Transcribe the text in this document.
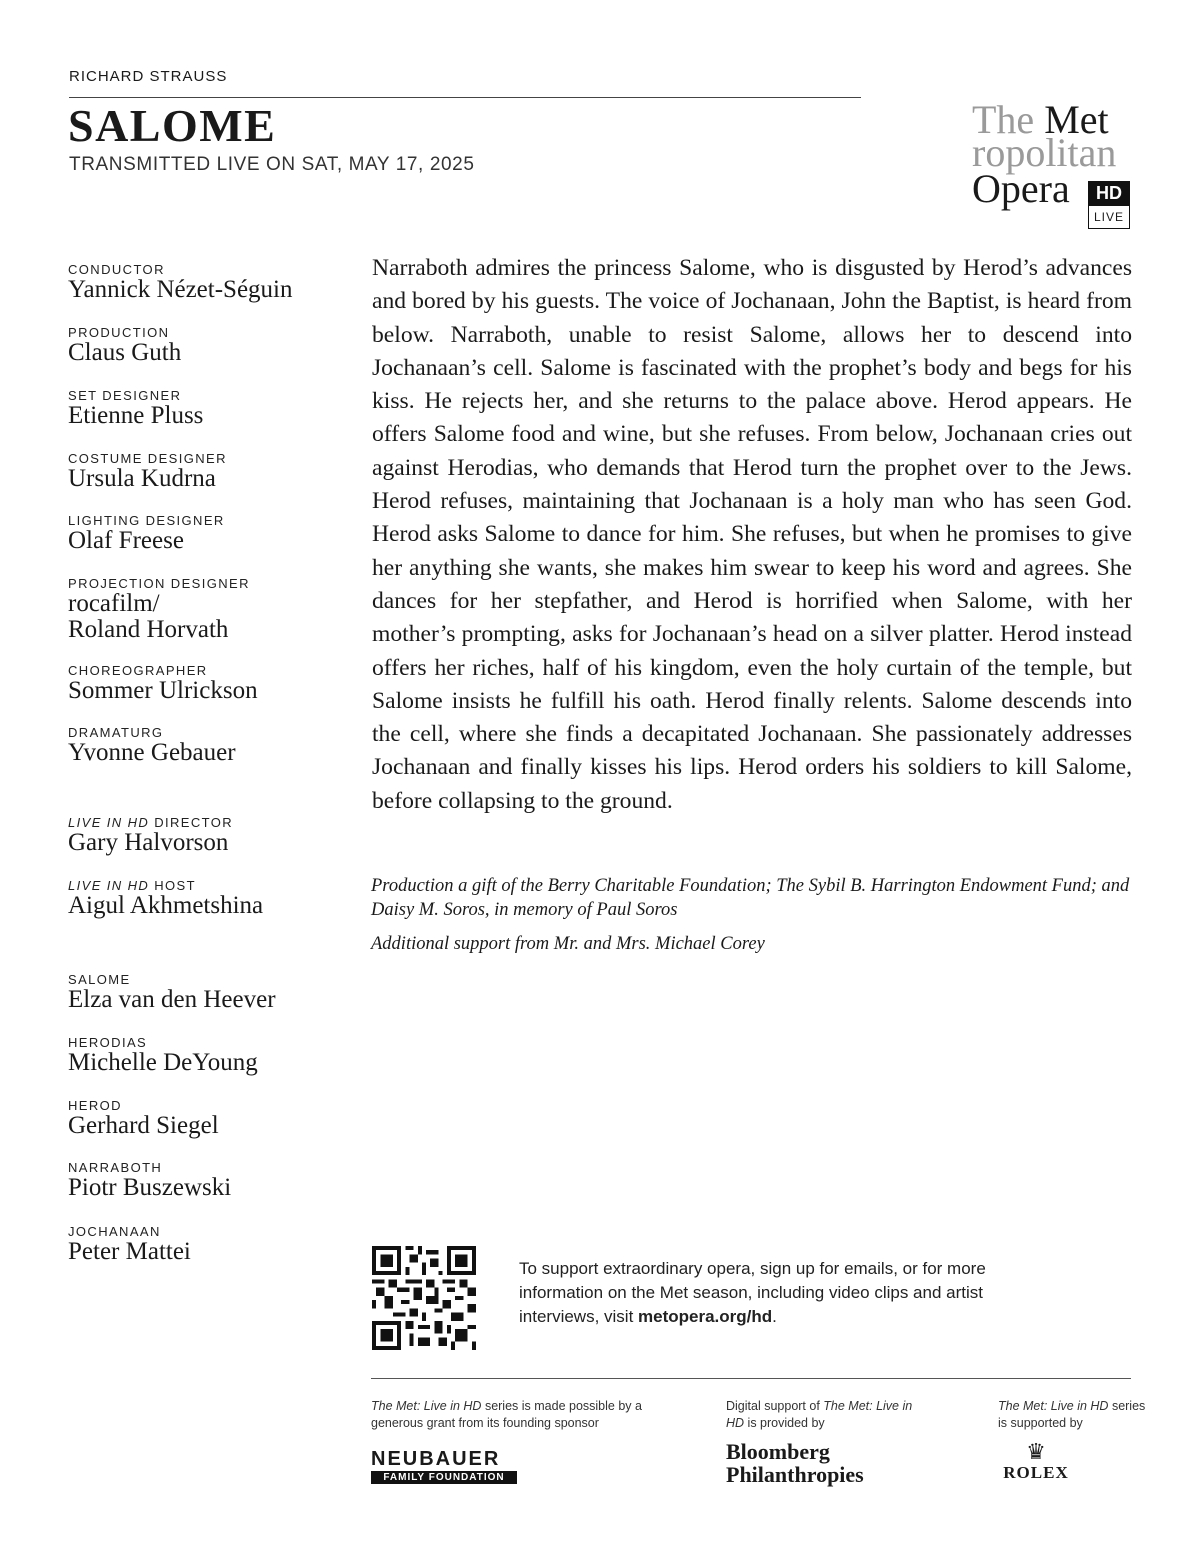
RICHARD STRAUSS
SALOME
TRANSMITTED LIVE ON SAT, MAY 17, 2025
The Met
ropolitan
Opera	HD
LIVE
CONDUCTOR
Yannick Nézet-Séguin
PRODUCTION
Claus Guth
SET DESIGNER
Etienne Pluss
COSTUME DESIGNER
Ursula Kudrna
LIGHTING DESIGNER
Olaf Freese
PROJECTION DESIGNER
rocafilm/
Roland Horvath
CHOREOGRAPHER
Sommer Ulrickson
DRAMATURG
Yvonne Gebauer
LIVE IN HD DIRECTOR
Gary Halvorson
LIVE IN HD HOST
Aigul Akhmetshina
SALOME
Elza van den Heever
HERODIAS
Michelle DeYoung
HEROD
Gerhard Siegel
NARRABOTH
Piotr Buszewski
JOCHANAAN
Peter Mattei

Narraboth admires the princess Salome, who is disgusted by Herod’s advances and bored by his guests. The voice of Jochanaan, John the Baptist, is heard from below. Narraboth, unable to resist Salome, allows her to descend into Jochanaan’s cell. Salome is fascinated with the prophet’s body and begs for his kiss. He rejects her, and she returns to the palace above. Herod appears. He offers Salome food and wine, but she refuses. From below, Jochanaan cries out against Herodias, who demands that Herod turn the prophet over to the Jews. Herod refuses, maintaining that Jochanaan is a holy man who has seen God. Herod asks Salome to dance for him. She refuses, but when he promises to give her anything she wants, she makes him swear to keep his word and agrees. She dances for her stepfather, and Herod is horrified when Salome, with her mother’s prompting, asks for Jochanaan’s head on a silver platter. Herod instead offers her riches, half of his kingdom, even the holy curtain of the temple, but Salome insists he fulfill his oath. Herod finally relents. Salome descends into the cell, where she finds a decapitated Jochanaan. She passionately addresses Jochanaan and finally kisses his lips. Herod orders his soldiers to kill Salome, before collapsing to the ground.

Production a gift of the Berry Charitable Foundation; The Sybil B. Harrington Endowment Fund; and Daisy M. Soros, in memory of Paul Soros

Additional support from Mr. and Mrs. Michael Corey

To support extraordinary opera, sign up for emails, or for more information on the Met season, including video clips and artist interviews, visit metopera.org/hd.

The Met: Live in HD series is made possible by a generous grant from its founding sponsor

Digital support of The Met: Live in HD is provided by

The Met: Live in HD series is supported by

NEUBAUER
FAMILY FOUNDATION
Bloomberg
Philanthropies
♛
ROLEX
